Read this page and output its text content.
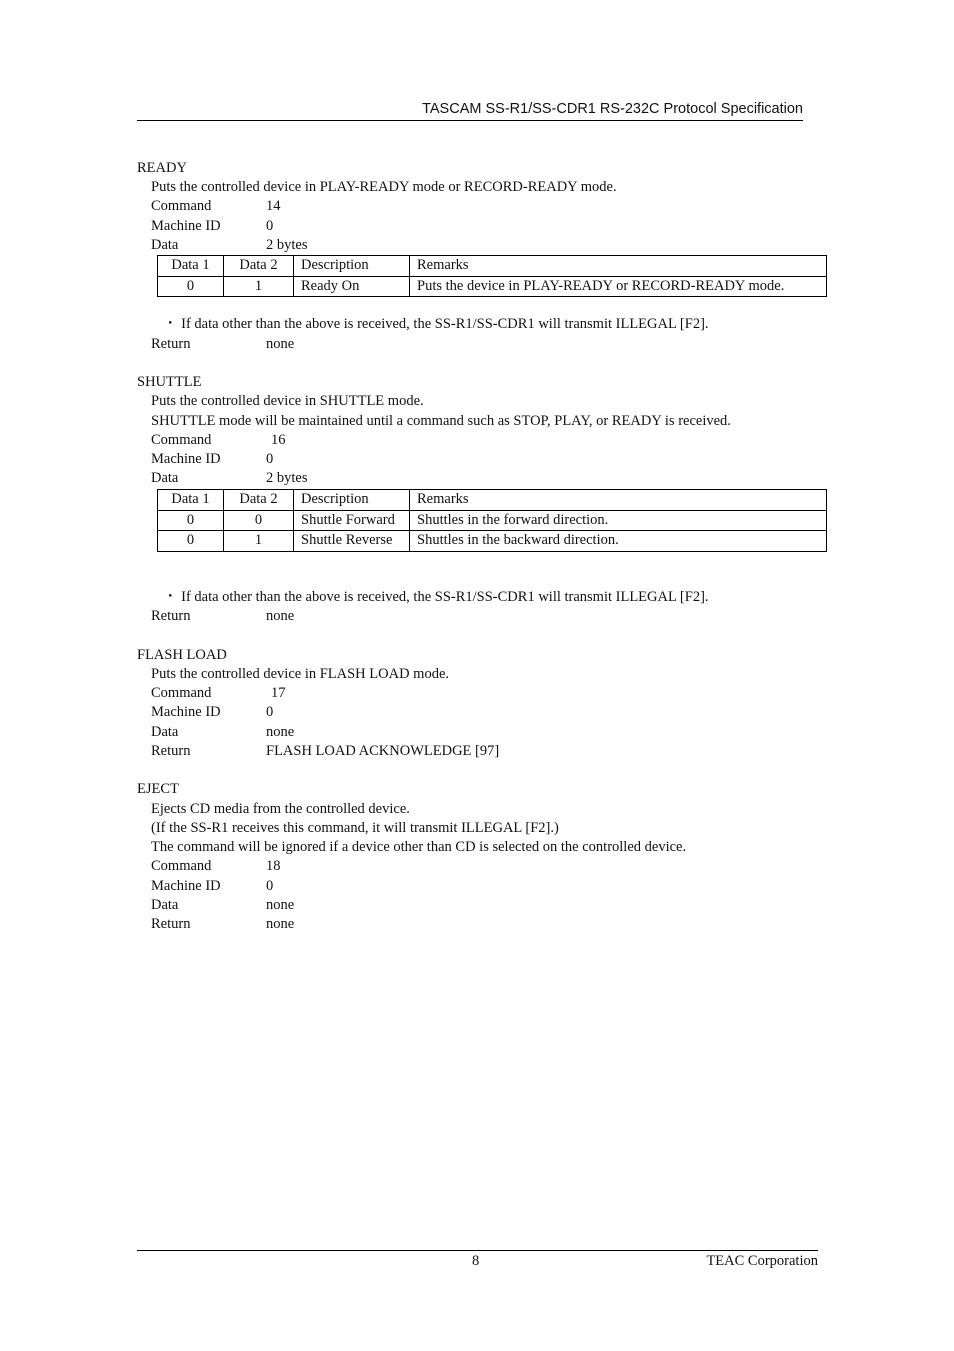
TASCAM SS-R1/SS-CDR1 RS-232C Protocol Specification
READY
Puts the controlled device in PLAY-READY mode or RECORD-READY mode.
Command	14
Machine ID	0
Data	2 bytes
Data 1	Data 2	Description	Remarks
0	1	Ready On	Puts the device in PLAY-READY or RECORD-READY mode.
・ If data other than the above is received, the SS-R1/SS-CDR1 will transmit ILLEGAL [F2].
Return	none
SHUTTLE
Puts the controlled device in SHUTTLE mode.
SHUTTLE mode will be maintained until a command such as STOP, PLAY, or READY is received.
Command	16
Machine ID	0
Data	2 bytes
Data 1	Data 2	Description	Remarks
0	0	Shuttle Forward	Shuttles in the forward direction.
0	1	Shuttle Reverse	Shuttles in the backward direction.
・ If data other than the above is received, the SS-R1/SS-CDR1 will transmit ILLEGAL [F2].
Return	none
FLASH LOAD
Puts the controlled device in FLASH LOAD mode.
Command	17
Machine ID	0
Data	none
Return	FLASH LOAD ACKNOWLEDGE [97]
EJECT
Ejects CD media from the controlled device.
(If the SS-R1 receives this command, it will transmit ILLEGAL [F2].)
The command will be ignored if a device other than CD is selected on the controlled device.
Command	18
Machine ID	0
Data	none
Return	none
8	TEAC Corporation
